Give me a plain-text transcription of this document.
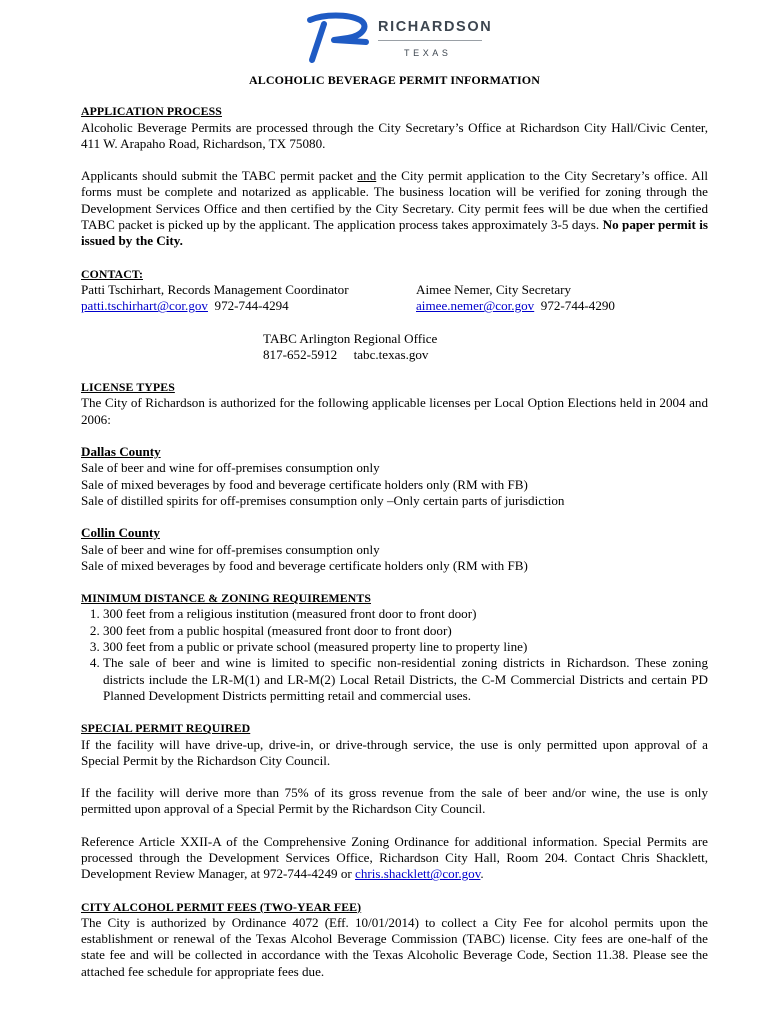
RICHARDSON
TEXAS
ALCOHOLIC BEVERAGE PERMIT INFORMATION
APPLICATION PROCESS

Alcoholic Beverage Permits are processed through the City Secretary’s Office at Richardson City Hall/Civic Center, 411 W. Arapaho Road, Richardson, TX 75080.

Applicants should submit the TABC permit packet and the City permit application to the City Secretary’s office. All forms must be complete and notarized as applicable. The business location will be verified for zoning through the Development Services Office and then certified by the City Secretary. City permit fees will be due when the certified TABC packet is picked up by the applicant. The application process takes approximately 3-5 days. No paper permit is issued by the City.

CONTACT:
Patti Tschirhart, Records Management Coordinator
patti.tschirhart@cor.gov 972-744-4294
Aimee Nemer, City Secretary
aimee.nemer@cor.gov 972-744-4290
TABC Arlington Regional Office
817-652-5912 tabc.texas.gov
LICENSE TYPES

The City of Richardson is authorized for the following applicable licenses per Local Option Elections held in 2004 and 2006:

Dallas County
Sale of beer and wine for off-premises consumption only
Sale of mixed beverages by food and beverage certificate holders only (RM with FB)
Sale of distilled spirits for off-premises consumption only –Only certain parts of jurisdiction
Collin County
Sale of beer and wine for off-premises consumption only
Sale of mixed beverages by food and beverage certificate holders only (RM with FB)
MINIMUM DISTANCE & ZONING REQUIREMENTS
1. 300 feet from a religious institution (measured front door to front door)
2. 300 feet from a public hospital (measured front door to front door)
3. 300 feet from a public or private school (measured property line to property line)
4. The sale of beer and wine is limited to specific non-residential zoning districts in Richardson. These zoning districts include the LR-M(1) and LR-M(2) Local Retail Districts, the C-M Commercial Districts and certain PD Planned Development Districts permitting retail and commercial uses.
SPECIAL PERMIT REQUIRED

If the facility will have drive-up, drive-in, or drive-through service, the use is only permitted upon approval of a Special Permit by the Richardson City Council.

If the facility will derive more than 75% of its gross revenue from the sale of beer and/or wine, the use is only permitted upon approval of a Special Permit by the Richardson City Council.

Reference Article XXII-A of the Comprehensive Zoning Ordinance for additional information. Special Permits are processed through the Development Services Office, Richardson City Hall, Room 204. Contact Chris Shacklett, Development Review Manager, at 972-744-4249 or chris.shacklett@cor.gov.

CITY ALCOHOL PERMIT FEES (TWO-YEAR FEE)

The City is authorized by Ordinance 4072 (Eff. 10/01/2014) to collect a City Fee for alcohol permits upon the establishment or renewal of the Texas Alcohol Beverage Commission (TABC) license. City fees are one-half of the state fee and will be collected in accordance with the Texas Alcoholic Beverage Code, Section 11.38. Please see the attached fee schedule for appropriate fees due.
